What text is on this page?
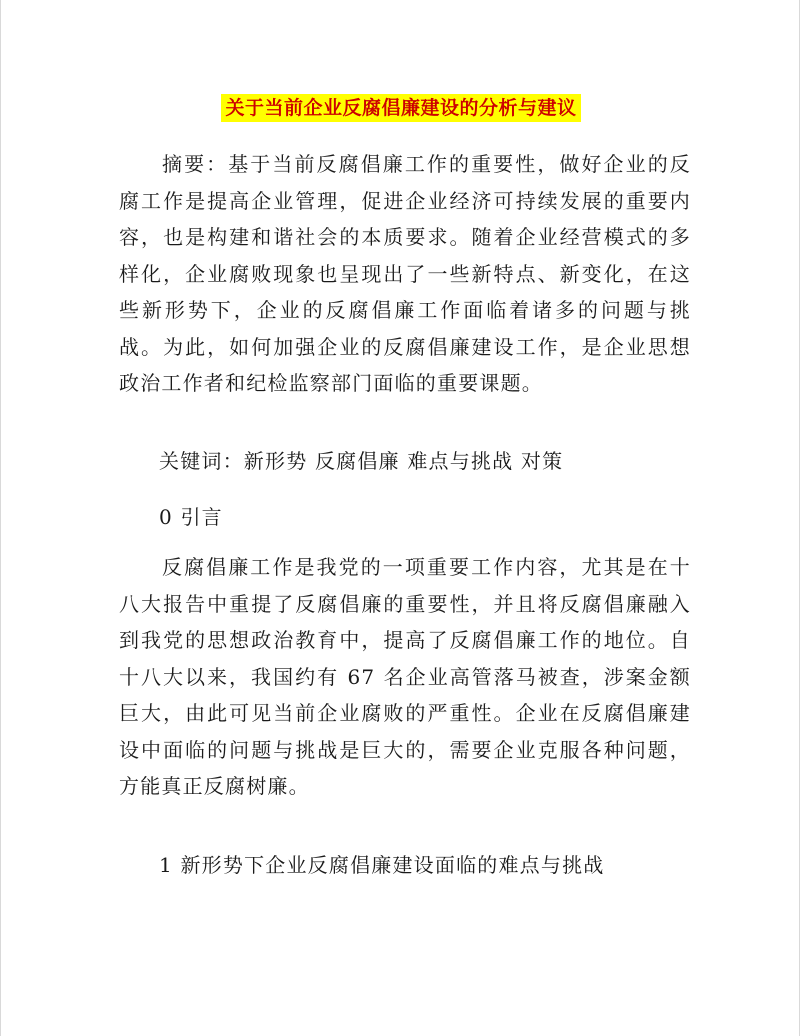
关于当前企业反腐倡廉建设的分析与建议

摘要：基于当前反腐倡廉工作的重要性，做好企业的反腐工作是提高企业管理，促进企业经济可持续发展的重要内容，也是构建和谐社会的本质要求。随着企业经营模式的多样化，企业腐败现象也呈现出了一些新特点、新变化，在这些新形势下，企业的反腐倡廉工作面临着诸多的问题与挑战。为此，如何加强企业的反腐倡廉建设工作，是企业思想政治工作者和纪检监察部门面临的重要课题。

关键词：新形势 反腐倡廉 难点与挑战 对策

0 引言

反腐倡廉工作是我党的一项重要工作内容，尤其是在十八大报告中重提了反腐倡廉的重要性，并且将反腐倡廉融入到我党的思想政治教育中，提高了反腐倡廉工作的地位。自十八大以来，我国约有 67 名企业高管落马被查，涉案金额巨大，由此可见当前企业腐败的严重性。企业在反腐倡廉建设中面临的问题与挑战是巨大的，需要企业克服各种问题，方能真正反腐树廉。

1 新形势下企业反腐倡廉建设面临的难点与挑战
